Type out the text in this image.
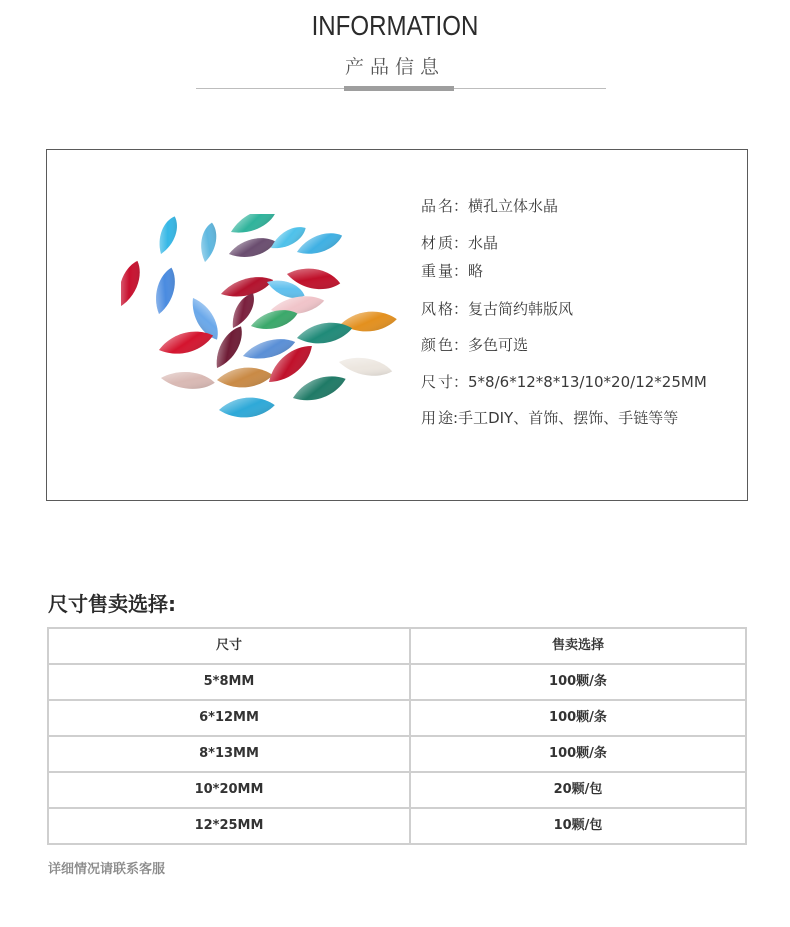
INFORMATION
产品信息
品名：横孔立体水晶
材质：水晶
重量：略
风格：复古简约韩版风
颜色：多色可选
尺寸：5*8/6*12*8*13/10*20/12*25MM
用途:手工DIY、首饰、摆饰、手链等等
尺寸售卖选择:
尺寸	售卖选择
5*8MM	100颗/条
6*12MM	100颗/条
8*13MM	100颗/条
10*20MM	20颗/包
12*25MM	10颗/包
详细情况请联系客服
